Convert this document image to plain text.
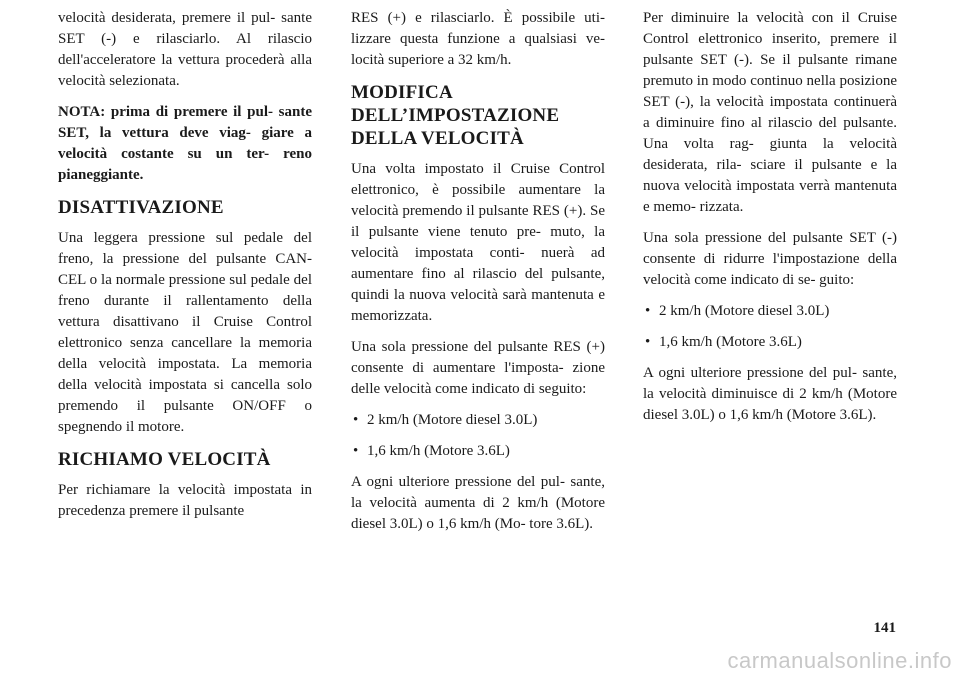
velocità desiderata, premere il pul- sante SET (-) e rilasciarlo. Al rilascio dell'acceleratore la vettura procederà alla velocità selezionata.

NOTA: prima di premere il pul- sante SET, la vettura deve viag- giare a velocità costante su un ter- reno pianeggiante.

DISATTIVAZIONE

Una leggera pressione sul pedale del freno, la pressione del pulsante CAN- CEL o la normale pressione sul pedale del freno durante il rallentamento della vettura disattivano il Cruise Control elettronico senza cancellare la memoria della velocità impostata. La memoria della velocità impostata si cancella solo premendo il pulsante ON/OFF o spegnendo il motore.

RICHIAMO VELOCITÀ

Per richiamare la velocità impostata in precedenza premere il pulsante

RES (+) e rilasciarlo. È possibile uti- lizzare questa funzione a qualsiasi ve- locità superiore a 32 km/h.

MODIFICA DELL’IMPOSTAZIONE DELLA VELOCITÀ

Una volta impostato il Cruise Control elettronico, è possibile aumentare la velocità premendo il pulsante RES (+). Se il pulsante viene tenuto pre- muto, la velocità impostata conti- nuerà ad aumentare fino al rilascio del pulsante, quindi la nuova velocità sarà mantenuta e memorizzata.

Una sola pressione del pulsante RES (+) consente di aumentare l'imposta- zione delle velocità come indicato di seguito:

• 2 km/h (Motore diesel 3.0L)
• 1,6 km/h (Motore 3.6L)

A ogni ulteriore pressione del pul- sante, la velocità aumenta di 2 km/h (Motore diesel 3.0L) o 1,6 km/h (Mo- tore 3.6L).

Per diminuire la velocità con il Cruise Control elettronico inserito, premere il pulsante SET (-). Se il pulsante rimane premuto in modo continuo nella posizione SET (-), la velocità impostata continuerà a diminuire fino al rilascio del pulsante. Una volta rag- giunta la velocità desiderata, rila- sciare il pulsante e la nuova velocità impostata verrà mantenuta e memo- rizzata.

Una sola pressione del pulsante SET (-) consente di ridurre l'impostazione della velocità come indicato di se- guito:

• 2 km/h (Motore diesel 3.0L)
• 1,6 km/h (Motore 3.6L)

A ogni ulteriore pressione del pul- sante, la velocità diminuisce di 2 km/h (Motore diesel 3.0L) o 1,6 km/h (Motore 3.6L).

141
carmanualsonline.info
